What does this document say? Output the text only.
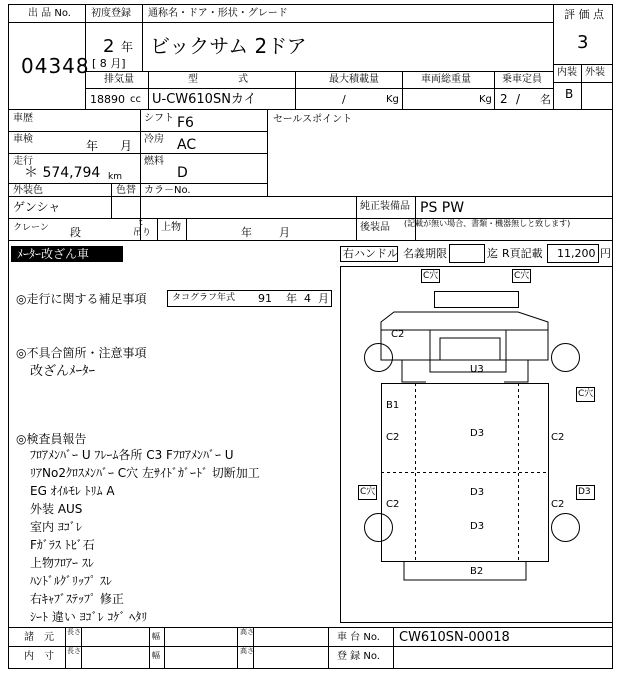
出 品 No.
04348
初度登録
2 年
[ 8 月]
通称名・ドア・形状・グレード
ビックサム 2ドア
評 価 点
3
内装 外装
B
排気量
18890 cc
型　　　　式
U-CW610SNカイ
最大積載量
/	Kg
車両総重量
Kg
乗車定員
2 / 名
車歴	シフト F6	セールスポイント
車検	年 月 冷房 AC
走行
＊ 574,794 km
燃料
D
外装色
ゲンシャ
色替 カラ－No.
純正装備品 PS PW
後装品 (記載が無い場合、書類・機器無しと致します)
クレーン 段
t
吊り 上物	年 月
ﾒｰﾀｰ改ざん車	右ハンドル 名義期限	迄 R頁記載 11,200 円
◎走行に関する補足事項	タコグラフ年式 91 年 4 月
◎不具合箇所・注意事項
改ざんﾒｰﾀｰ
◎検査員報告
ﾌﾛｱﾒﾝﾊﾞｰ U ﾌﾚｰﾑ各所 C3 Fﾌﾛｱﾒﾝﾊﾞｰ U
ﾘｱNo2ｸﾛｽﾒﾝﾊﾞｰ C穴 左ｻｲﾄﾞｶﾞｰﾄﾞ 切断加工
EG ｵｲﾙﾓﾚ ﾄﾘﾑ A
外装 AUS
室内 ﾖｺﾞﾚ
Fｶﾞﾗｽ ﾄﾋﾞ石
上物ﾌﾛｱｰ ｽﾚ
ﾊﾝﾄﾞﾙｸﾞﾘｯﾌﾟ ｽﾚ
右ｷｬﾌﾞｽﾃｯﾌﾟ 修正
ｼｰﾄ 違い ﾖｺﾞﾚ ｺｹﾞ ﾍﾀﾘ
C穴	C穴
C2
U3
B1
C2	D3	C2
C穴
D3
C穴
C2
D3
C2
D3
B2
諸　元 長さ	幅	高さ
内　寸 長さ	幅	高さ
車 台 No. CW610SN-00018
登 録 No.
